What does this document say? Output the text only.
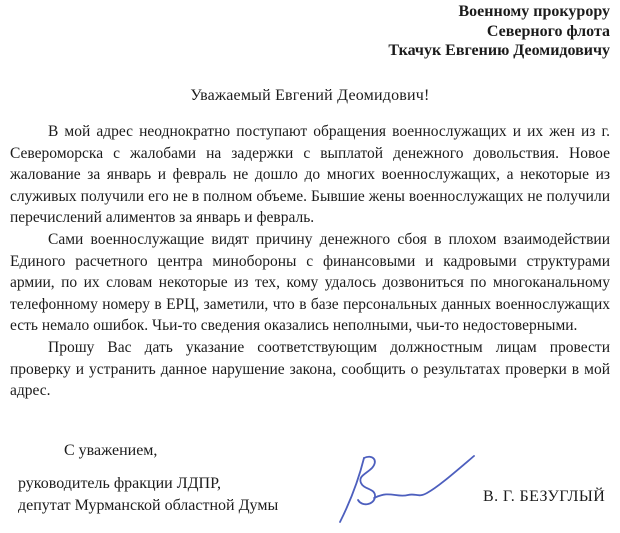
Военному прокурору
Северного флота
Ткачук Евгению Деомидовичу
Уважаемый Евгений Деомидович!

В мой адрес неоднократно поступают обращения военнослужащих и их жен из г. Североморска с жалобами на задержки с выплатой денежного довольствия. Новое жалование за январь и февраль не дошло до многих военнослужащих, а некоторые из служивых получили его не в полном объеме. Бывшие жены военнослужащих не получили перечислений алиментов за январь и февраль.

Сами военнослужащие видят причину денежного сбоя в плохом взаимодействии Единого расчетного центра минобороны с финансовыми и кадровыми структурами армии, по их словам некоторые из тех, кому удалось дозвониться по многоканальному телефонному номеру в ЕРЦ, заметили, что в базе персональных данных военнослужащих есть немало ошибок. Чьи-то сведения оказались неполными, чьи-то недостоверными.

Прошу Вас дать указание соответствующим должностным лицам провести проверку и устранить данное нарушение закона, сообщить о результатах проверки в мой адрес.

С уважением,
руководитель фракции ЛДПР,
депутат Мурманской областной Думы
В. Г. БЕЗУГЛЫЙ
